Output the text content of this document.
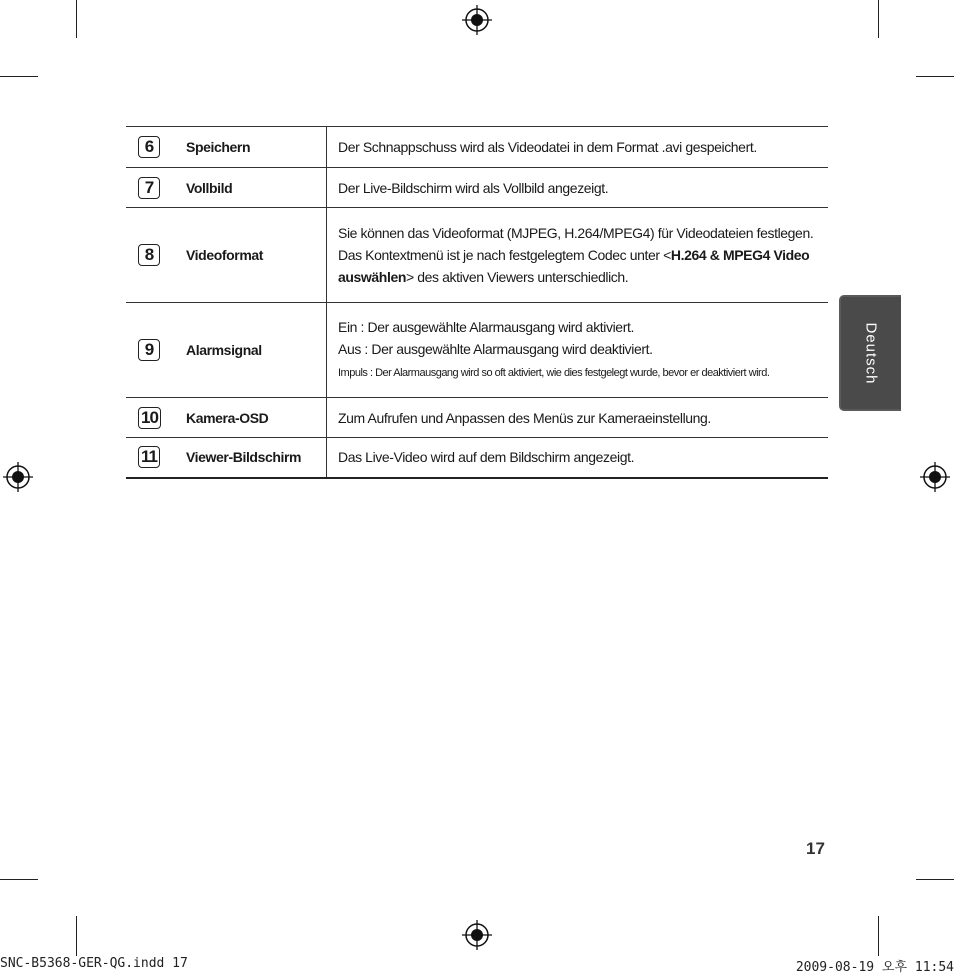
6	Speichern	Der Schnappschuss wird als Videodatei in dem Format .avi gespeichert.
7	Vollbild	Der Live-Bildschirm wird als Vollbild angezeigt.
8	Videoformat	Sie können das Videoformat (MJPEG, H.264/MPEG4) für Videodateien festlegen.
Das Kontextmenü ist je nach festgelegtem Codec unter <H.264 & MPEG4 Video
auswählen> des aktiven Viewers unterschiedlich.
9	Alarmsignal	Ein : Der ausgewählte Alarmausgang wird aktiviert.
Aus : Der ausgewählte Alarmausgang wird deaktiviert.
Impuls : Der Alarmausgang wird so oft aktiviert, wie dies festgelegt wurde, bevor er deaktiviert wird.
10	Kamera-OSD	Zum Aufrufen und Anpassen des Menüs zur Kameraeinstellung.
11	Viewer-Bildschirm	Das Live-Video wird auf dem Bildschirm angezeigt.
Deutsch
17
SNC-B5368-GER-QG.indd 17	2009-08-19 오후 11:54
